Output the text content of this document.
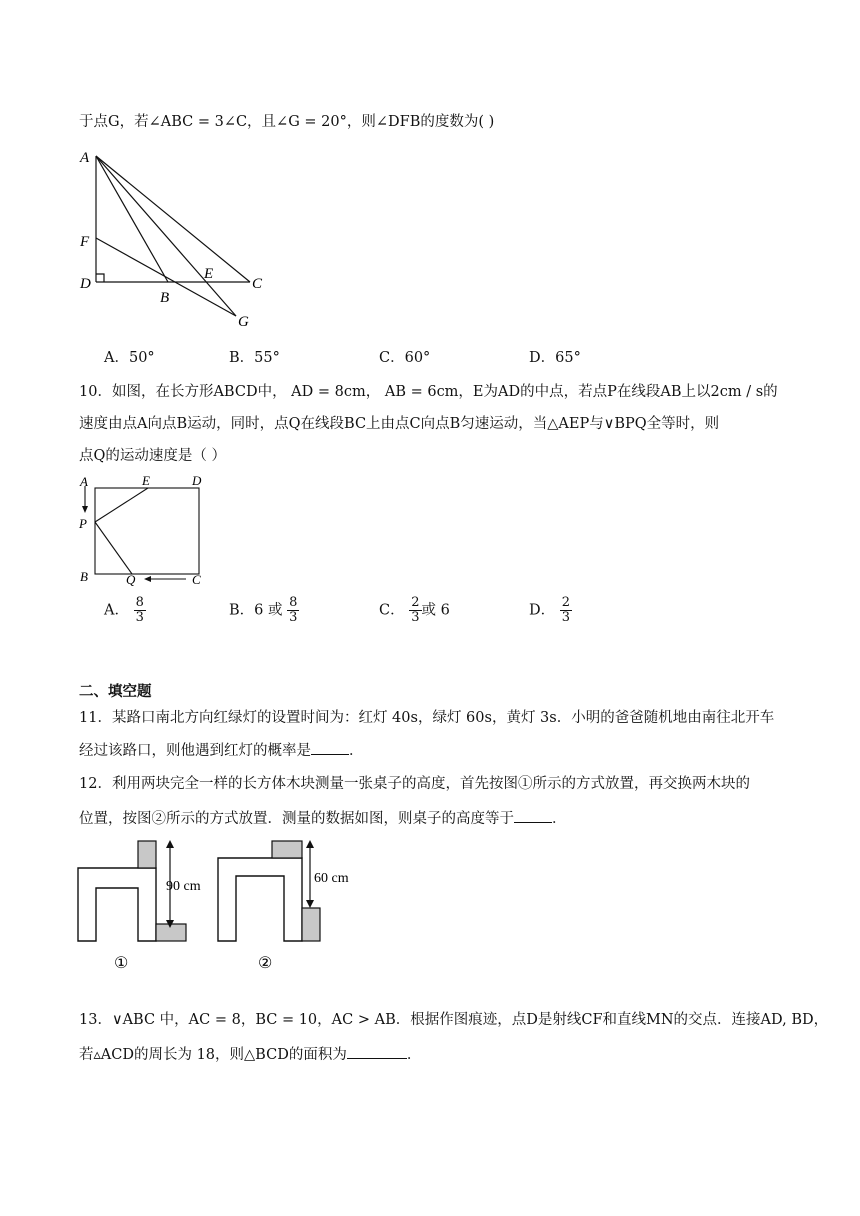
于点G，若∠ABC = 3∠C，且∠G = 20°，则∠DFB的度数为( )
A
F
D
B
E
C
G
A．50°	B．55°	C．60°	D．65°
10．如图，在长方形ABCD中， AD = 8cm， AB = 6cm，E为AD的中点，若点P在线段AB上以2cm / s的
速度由点A向点B运动，同时，点Q在线段BC上由点C向点B匀速运动，当△AEP与∨BPQ全等时，则
点Q的运动速度是（ ）
A	E	D
P
B	Q	C
A． $\frac{8}{3}$	B．6 或 $\frac{8}{3}$	C． $\frac{2}{3}$ 或 6	D． $\frac{2}{3}$
二、填空题
11．某路口南北方向红绿灯的设置时间为：红灯 40s，绿灯 60s，黄灯 3s．小明的爸爸随机地由南往北开车
经过该路口，则他遇到红灯的概率是	．
12．利用两块完全一样的长方体木块测量一张桌子的高度，首先按图①所示的方式放置，再交换两木块的
位置，按图②所示的方式放置．测量的数据如图，则桌子的高度等于	．
90 cm
①
60 cm
②
13．∨ABC 中，AC = 8，BC = 10，AC > AB．根据作图痕迹，点D是射线CF和直线MN的交点．连接AD, BD，
若▵ACD的周长为 18，则△BCD的面积为	．
